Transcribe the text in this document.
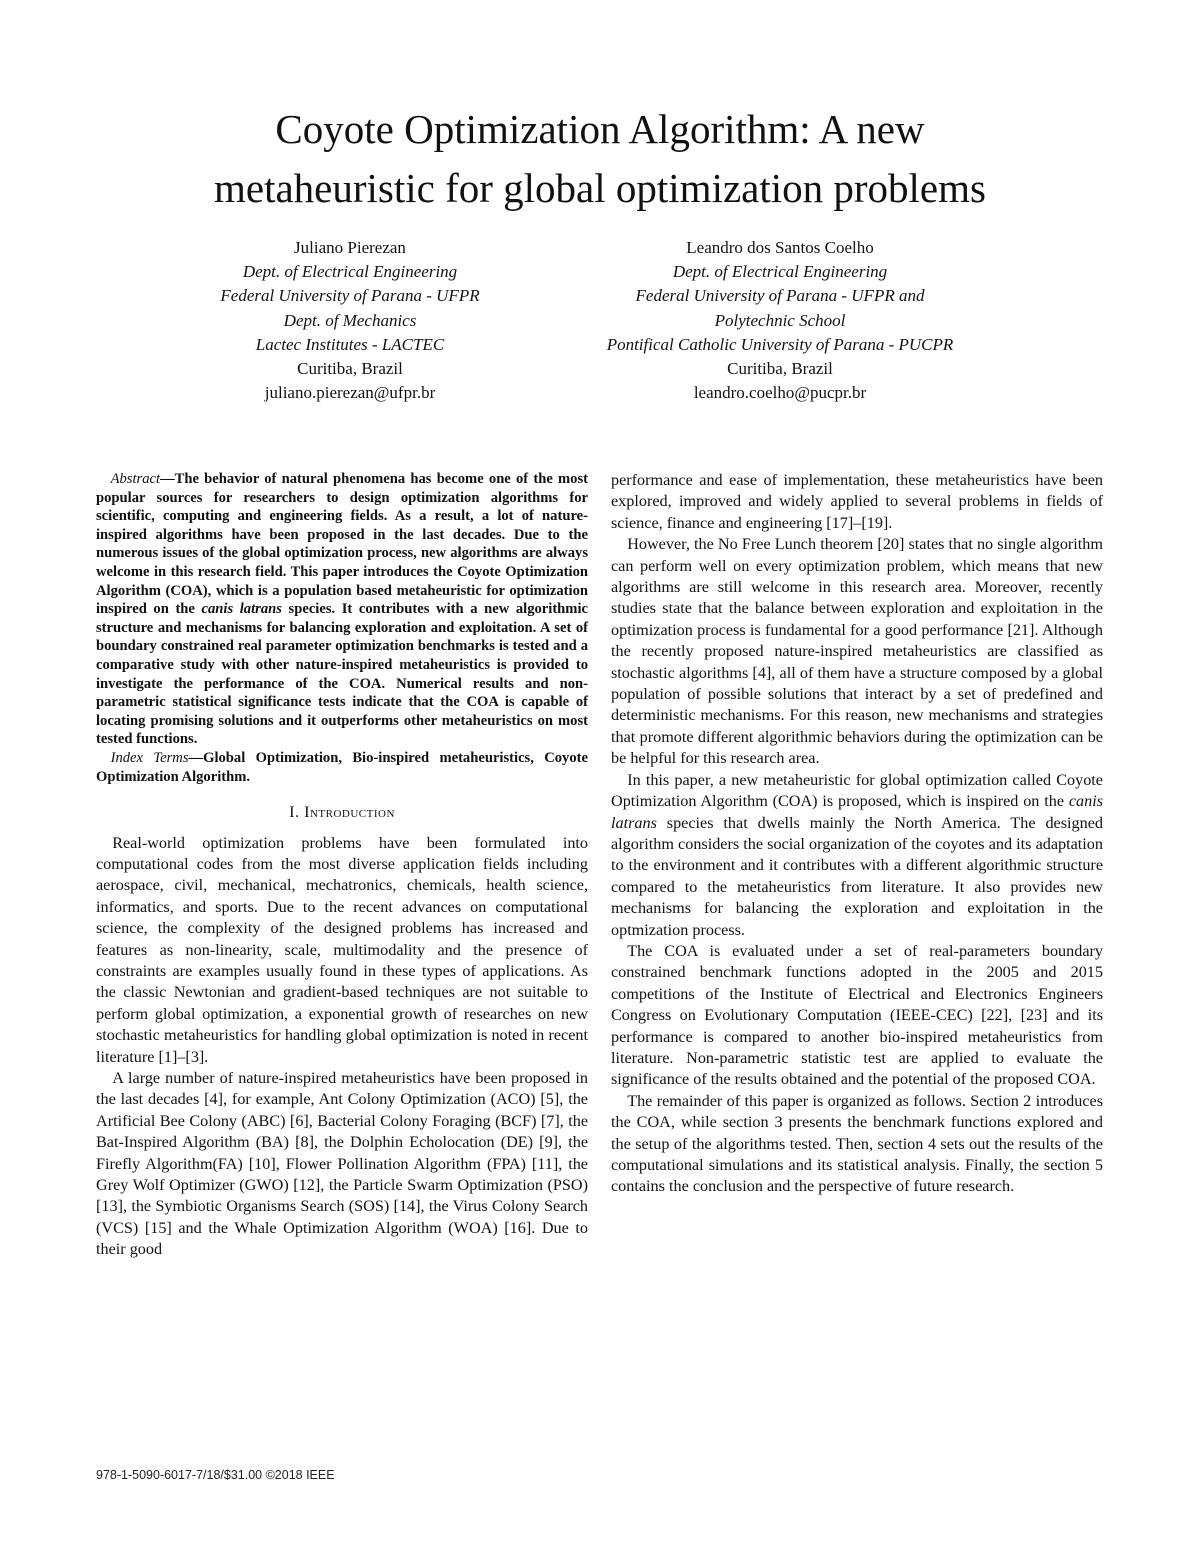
Coyote Optimization Algorithm: A new
metaheuristic for global optimization problems
Juliano Pierezan
Dept. of Electrical Engineering
Federal University of Parana - UFPR
Dept. of Mechanics
Lactec Institutes - LACTEC
Curitiba, Brazil
juliano.pierezan@ufpr.br
Leandro dos Santos Coelho
Dept. of Electrical Engineering
Federal University of Parana - UFPR and
Polytechnic School
Pontifical Catholic University of Parana - PUCPR
Curitiba, Brazil
leandro.coelho@pucpr.br

Abstract—The behavior of natural phenomena has become one of the most popular sources for researchers to design optimization algorithms for scientific, computing and engineering fields. As a result, a lot of nature-inspired algorithms have been proposed in the last decades. Due to the numerous issues of the global optimization process, new algorithms are always welcome in this research field. This paper introduces the Coyote Optimization Algorithm (COA), which is a population based metaheuristic for optimization inspired on the canis latrans species. It contributes with a new algorithmic structure and mechanisms for balancing exploration and exploitation. A set of boundary constrained real parameter optimization benchmarks is tested and a comparative study with other nature-inspired metaheuristics is provided to investigate the performance of the COA. Numerical results and non-parametric statistical significance tests indicate that the COA is capable of locating promising solutions and it outperforms other metaheuristics on most tested functions.

Index Terms—Global Optimization, Bio-inspired metaheuristics, Coyote Optimization Algorithm.

I. Introduction

Real-world optimization problems have been formulated into computational codes from the most diverse application fields including aerospace, civil, mechanical, mechatronics, chemicals, health science, informatics, and sports. Due to the recent advances on computational science, the complexity of the designed problems has increased and features as non-linearity, scale, multimodality and the presence of constraints are examples usually found in these types of applications. As the classic Newtonian and gradient-based techniques are not suitable to perform global optimization, a exponential growth of researches on new stochastic metaheuristics for handling global optimization is noted in recent literature [1]–[3].

A large number of nature-inspired metaheuristics have been proposed in the last decades [4], for example, Ant Colony Optimization (ACO) [5], the Artificial Bee Colony (ABC) [6], Bacterial Colony Foraging (BCF) [7], the Bat-Inspired Algorithm (BA) [8], the Dolphin Echolocation (DE) [9], the Firefly Algorithm(FA) [10], Flower Pollination Algorithm (FPA) [11], the Grey Wolf Optimizer (GWO) [12], the Particle Swarm Optimization (PSO) [13], the Symbiotic Organisms Search (SOS) [14], the Virus Colony Search (VCS) [15] and the Whale Optimization Algorithm (WOA) [16]. Due to their good

performance and ease of implementation, these metaheuristics have been explored, improved and widely applied to several problems in fields of science, finance and engineering [17]–[19].

However, the No Free Lunch theorem [20] states that no single algorithm can perform well on every optimization problem, which means that new algorithms are still welcome in this research area. Moreover, recently studies state that the balance between exploration and exploitation in the optimization process is fundamental for a good performance [21]. Although the recently proposed nature-inspired metaheuristics are classified as stochastic algorithms [4], all of them have a structure composed by a global population of possible solutions that interact by a set of predefined and deterministic mechanisms. For this reason, new mechanisms and strategies that promote different algorithmic behaviors during the optimization can be be helpful for this research area.

In this paper, a new metaheuristic for global optimization called Coyote Optimization Algorithm (COA) is proposed, which is inspired on the canis latrans species that dwells mainly the North America. The designed algorithm considers the social organization of the coyotes and its adaptation to the environment and it contributes with a different algorithmic structure compared to the metaheuristics from literature. It also provides new mechanisms for balancing the exploration and exploitation in the optmization process.

The COA is evaluated under a set of real-parameters boundary constrained benchmark functions adopted in the 2005 and 2015 competitions of the Institute of Electrical and Electronics Engineers Congress on Evolutionary Computation (IEEE-CEC) [22], [23] and its performance is compared to another bio-inspired metaheuristics from literature. Non-parametric statistic test are applied to evaluate the significance of the results obtained and the potential of the proposed COA.

The remainder of this paper is organized as follows. Section 2 introduces the COA, while section 3 presents the benchmark functions explored and the setup of the algorithms tested. Then, section 4 sets out the results of the computational simulations and its statistical analysis. Finally, the section 5 contains the conclusion and the perspective of future research.

978-1-5090-6017-7/18/$31.00 ©2018 IEEE
